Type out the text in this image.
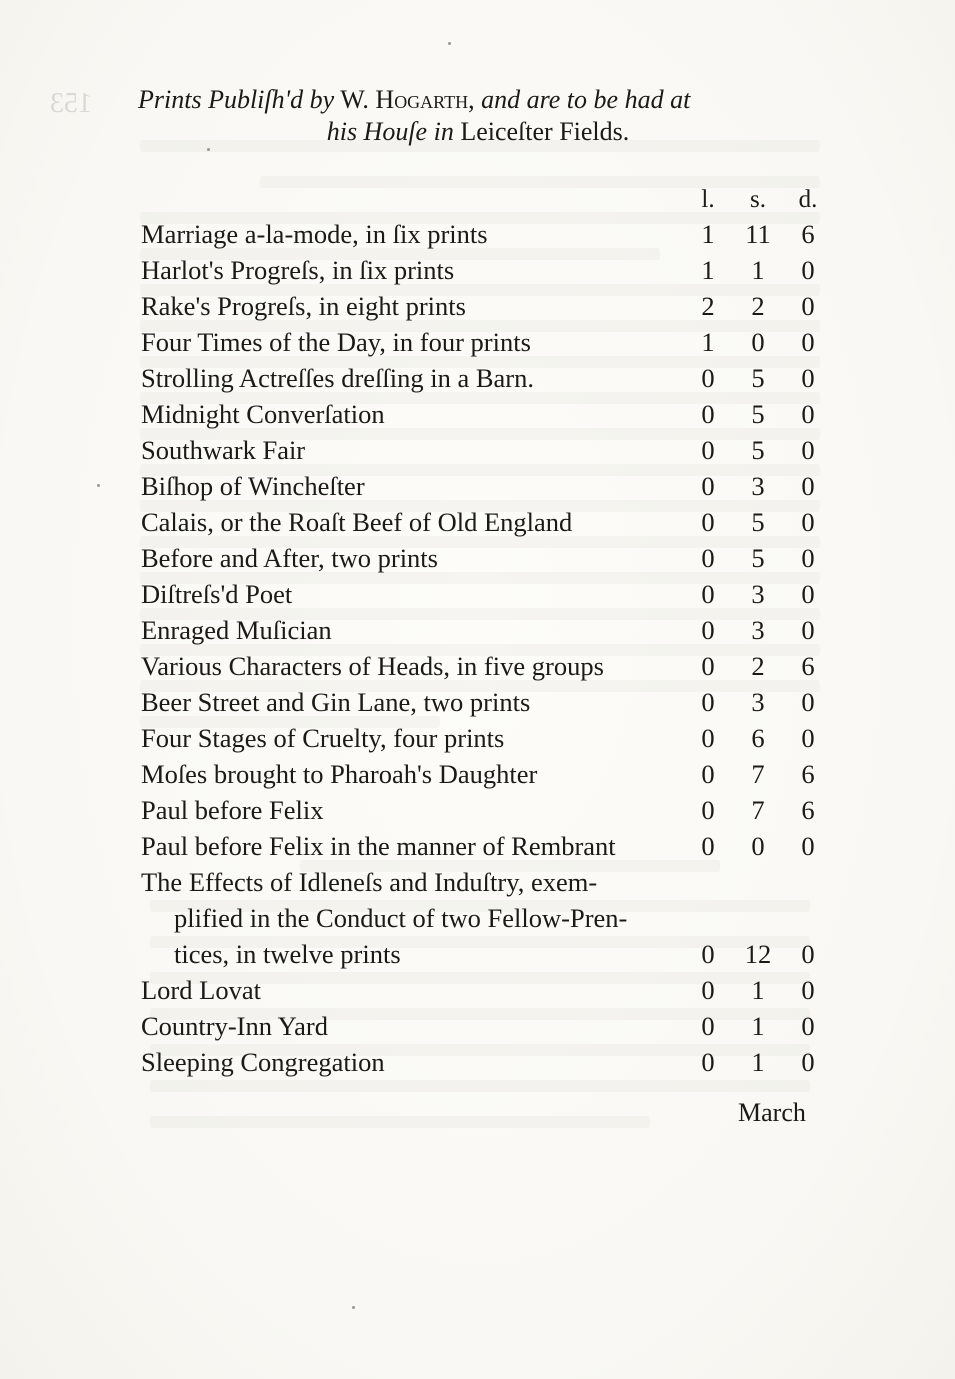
153 Prints Publiſh'd by W. Hogarth, and are to be had at
his Houſe in Leiceſter Fields.
l.	s.	d.
Marriage a-la-mode, in ſix prints	1	11	6
Harlot's Progreſs, in ſix prints	1	1	0
Rake's Progreſs, in eight prints	2	2	0
Four Times of the Day, in four prints	1	0	0
Strolling Actreſſes dreſſing in a Barn.	0	5	0
Midnight Converſation	0	5	0
Southwark Fair	0	5	0
Biſhop of Wincheſter	0	3	0
Calais, or the Roaſt Beef of Old England	0	5	0
Before and After, two prints	0	5	0
Diſtreſs'd Poet	0	3	0
Enraged Muſician	0	3	0
Various Characters of Heads, in five groups	0	2	6
Beer Street and Gin Lane, two prints	0	3	0
Four Stages of Cruelty, four prints	0	6	0
Moſes brought to Pharoah's Daughter	0	7	6
Paul before Felix	0	7	6
Paul before Felix in the manner of Rembrant	0	0	0
The Effects of Idleneſs and Induſtry, exem-
plified in the Conduct of two Fellow-Pren-
tices, in twelve prints	0	12	0
Lord Lovat	0	1	0
Country-Inn Yard	0	1	0
Sleeping Congregation	0	1	0
March
